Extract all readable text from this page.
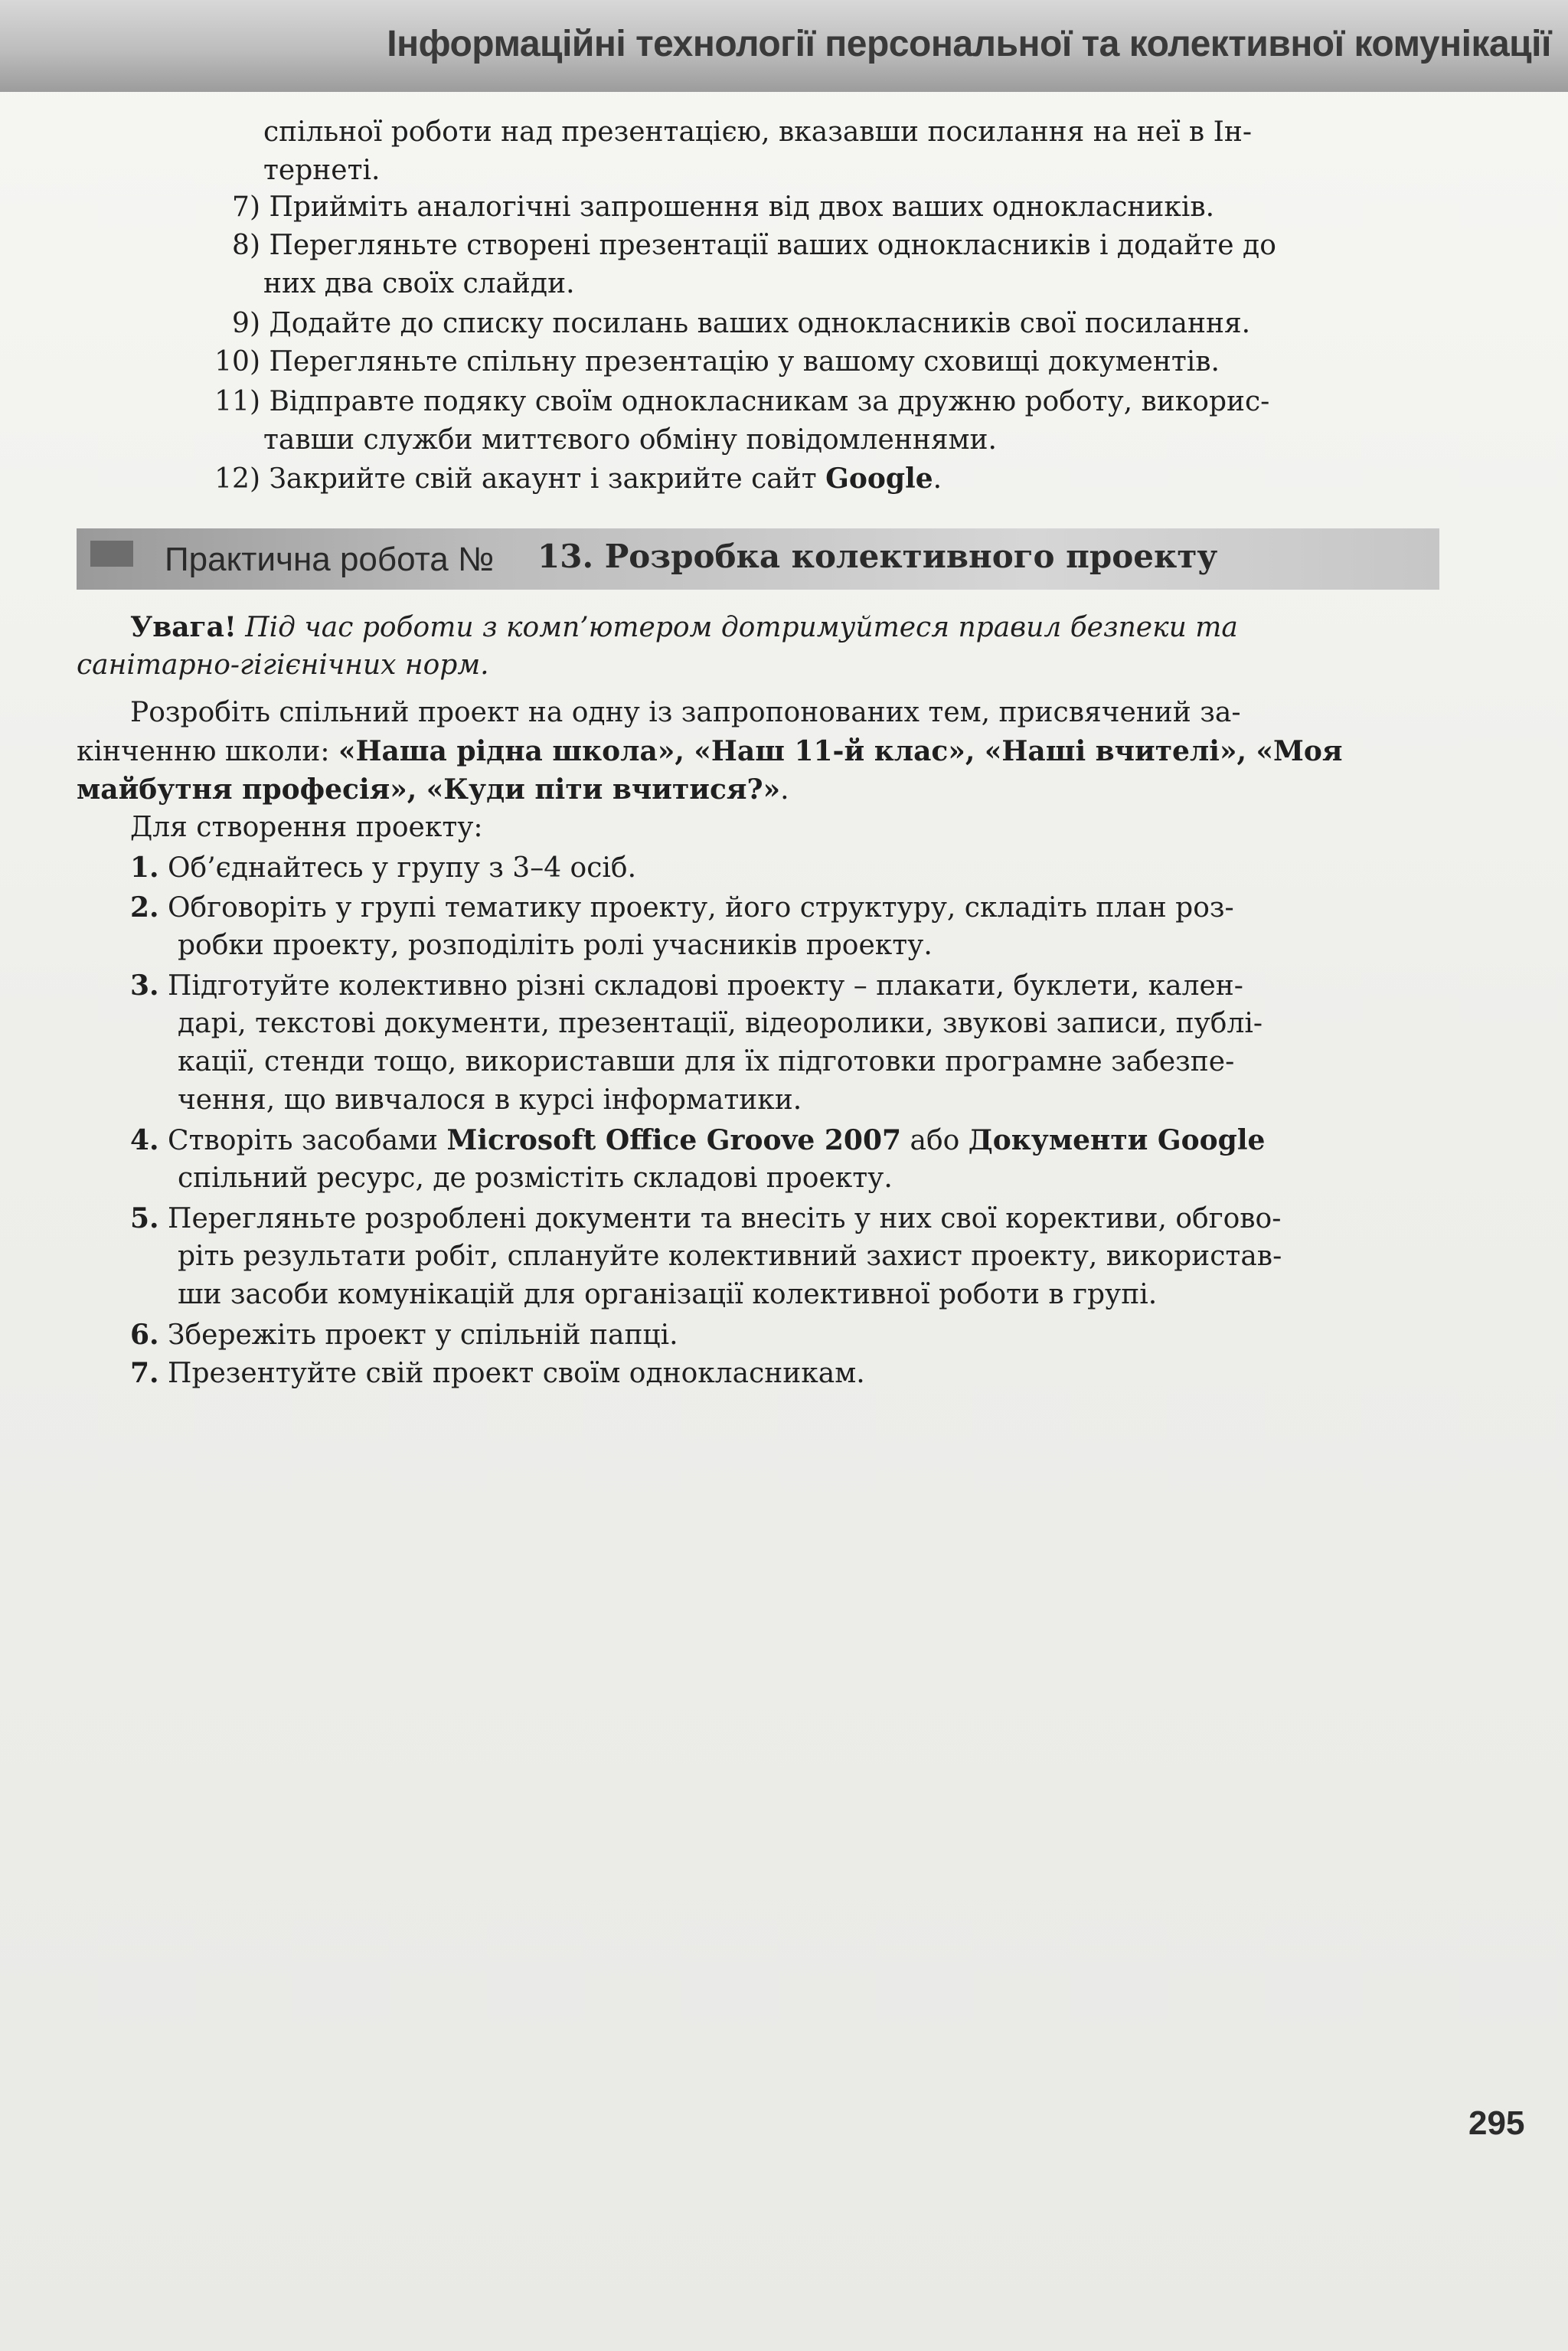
Інформаційні технології персональної та колективної комунікації
спільної роботи над презентацією, вказавши посилання на неї в Ін-
тернеті.
7) Прийміть аналогічні запрошення від двох ваших однокласників.
8) Перегляньте створені презентації ваших однокласників і додайте до
них два своїх слайди.
9) Додайте до списку посилань ваших однокласників свої посилання.
10) Перегляньте спільну презентацію у вашому сховищі документів.
11) Відправте подяку своїм однокласникам за дружню роботу, викорис-
тавши служби миттєвого обміну повідомленнями.
12) Закрийте свій акаунт і закрийте сайт Google.
Практична робота № 13. Розробка колективного проекту
Увага! Під час роботи з комп’ютером дотримуйтеся правил безпеки та
санітарно-гігієнічних норм.
Розробіть спільний проект на одну із запропонованих тем, присвячений за-
кінченню школи: «Наша рідна школа», «Наш 11-й клас», «Наші вчителі», «Моя
майбутня професія», «Куди піти вчитися?».
Для створення проекту:
1. Об’єднайтесь у групу з 3–4 осіб.
2. Обговоріть у групі тематику проекту, його структуру, складіть план роз-
робки проекту, розподіліть ролі учасників проекту.
3. Підготуйте колективно різні складові проекту – плакати, буклети, кален-
дарі, текстові документи, презентації, відеоролики, звукові записи, публі-
кації, стенди тощо, використавши для їх підготовки програмне забезпе-
чення, що вивчалося в курсі інформатики.
4. Створіть засобами Microsoft Office Groove 2007 або Документи Google
спільний ресурс, де розмістіть складові проекту.
5. Перегляньте розроблені документи та внесіть у них свої корективи, обгово-
ріть результати робіт, сплануйте колективний захист проекту, використав-
ши засоби комунікацій для організації колективної роботи в групі.
6. Збережіть проект у спільній папці.
7. Презентуйте свій проект своїм однокласникам.
295
